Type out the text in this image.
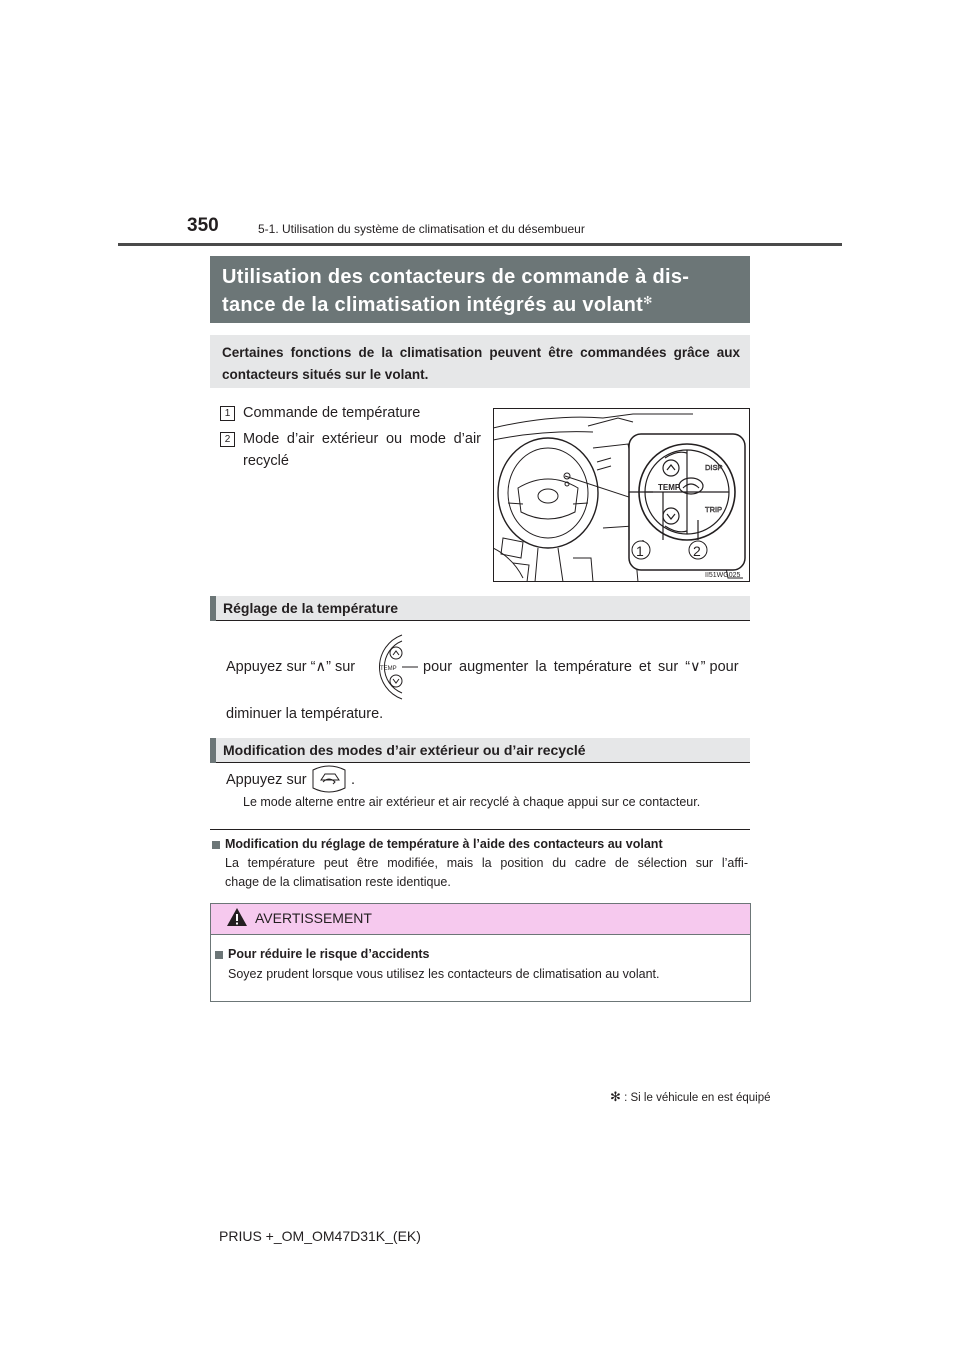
350	5-1. Utilisation du système de climatisation et du désembueur
Utilisation des contacteurs de commande à dis-
tance de la climatisation intégrés au volant✻
Certaines fonctions de la climatisation peuvent être commandées grâce aux contacteurs situés sur le volant.
1 Commande de température
2 Mode d’air extérieur ou mode d’air recyclé
TEMP
DISP
TRIP
1	2
II51WG025
Réglage de la température
Appuyez sur “∧” sur	TEMP pour augmenter la température et sur “∨” pour
diminuer la température.
Modification des modes d’air extérieur ou d’air recyclé
Appuyez sur	.
Le mode alterne entre air extérieur et air recyclé à chaque appui sur ce contacteur.
Modification du réglage de température à l’aide des contacteurs au volant
La température peut être modifiée, mais la position du cadre de sélection sur l’affi-
chage de la climatisation reste identique.
AVERTISSEMENT
Pour réduire le risque d’accidents
Soyez prudent lorsque vous utilisez les contacteurs de climatisation au volant.
✻ : Si le véhicule en est équipé
PRIUS +_OM_OM47D31K_(EK)
